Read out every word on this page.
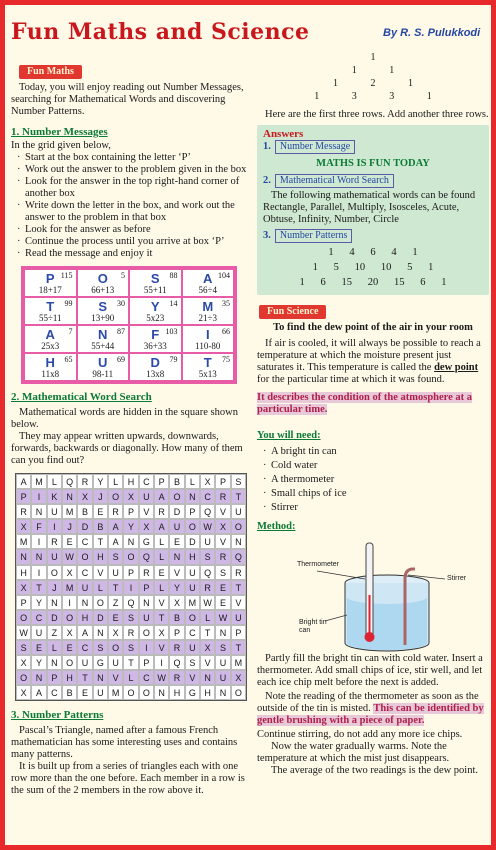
Fun Maths and Science	By R. S. Pulukkodi
Fun Maths

Today, you will enjoy reading out Number Messages, searching for Mathematical Words and discovering Number Patterns.

1. Number Messages
In the grid given below,
· Start at the box containing the letter ‘P’
· Work out the answer to the problem given in the box
· Look for the answer in the top right-hand corner of another box
· Write down the letter in the box, and work out the answer to the problem in that box
· Look for the answer as before
· Continue the process until you arrive at box ‘P’
· Read the message and enjoy it
115
P
18+17
5
O
66+13
88
S
55+11
104
A
56÷4
99
T
55÷11
30
S
13+90
14
Y
5x23
35
M
21÷3
7
A
25x3
87
N
55+44
103
F
36+33
66
I
110-80
65
H
11x8
69
U
98-11
79
D
13x8
75
T
5x13
2. Mathematical Word Search

Mathematical words are hidden in the square shown below.

They may appear written upwards, downwards, forwards, backwards or diagonally. How many of them can you find out?

A M	L	Q R	Y	L	H C	P	B	L	X	P	S
P	I	K	N	X	J	O X	U	A O N C R	T
R N U M B	E	R	P	V	R D	P Q V	U
X	F	I	J	D	B	A	Y	X	A	U O W X O
M	I	R	E	C	T	A	N G	L	E	D U	V	N
N N U W O H	S O Q	L	N H	S	R Q
H	I	O X	C	V	U	P	R	E	V	U Q S	R
X	T	J	M U	L	T	I	P	L	Y	U R	E	T
P	Y	N	I	N O	Z	Q N	V	X M W E	V
O C D O H D	E	S	U	T	B O	L W U
W U	Z	X	A	N	X	R O X	P	C	T	N	P
S	E	L	E	C	S O S	I	V	R U	X	S	T
X	Y	N O U G U	T	P	I	Q S	V	U M
O N	P	H	T	N	V	L	C W R	V	N U	X
X	A	C	B	E	U M O O N H G H N O
3. Number Patterns

Pascal’s Triangle, named after a famous French mathematician has some interesting uses and contains many patterns.

It is built up from a series of triangles each with one row more than the one before. Each member in a row is the sum of the 2 members in the row above it.

1
1 1
1 2 1
1 3 3 1

Here are the first three rows. Add another three rows.

Answers
1. Number Message
MATHS IS FUN TODAY
2. Mathematical Word Search

The following mathematical words can be found Rectangle, Parallel, Multiply, Isosceles, Acute, Obtuse, Infinity, Number, Circle

3. Number Patterns
1      4      6      4      1
1      5      10      10      5      1
1      6      15      20      15      6      1
Fun Science
To find the dew point of the air in your room

If air is cooled, it will always be possible to reach a temperature at which the moisture present just saturates it. This temperature is called the dew point for the particular time at which it was found.

It describes the condition of the atmosphere at a particular time.
You will need:
· A bright tin can
· Cold water
· A thermometer
· Small chips of ice
· Stirrer
Method:
Thermometer
Stirrer
Bright tin can

Partly fill the bright tin can with cold water. Insert a thermometer. Add small chips of ice, stir well, and let each ice chip melt before the next is added.

Note the reading of the thermometer as soon as the outside of the tin is misted. This can be identified by gentle brushing with a piece of paper.

Continue stirring, do not add any more ice chips.

Now the water gradually warms. Note the temperature at which the mist just disappears.

The average of the two readings is the dew point.
